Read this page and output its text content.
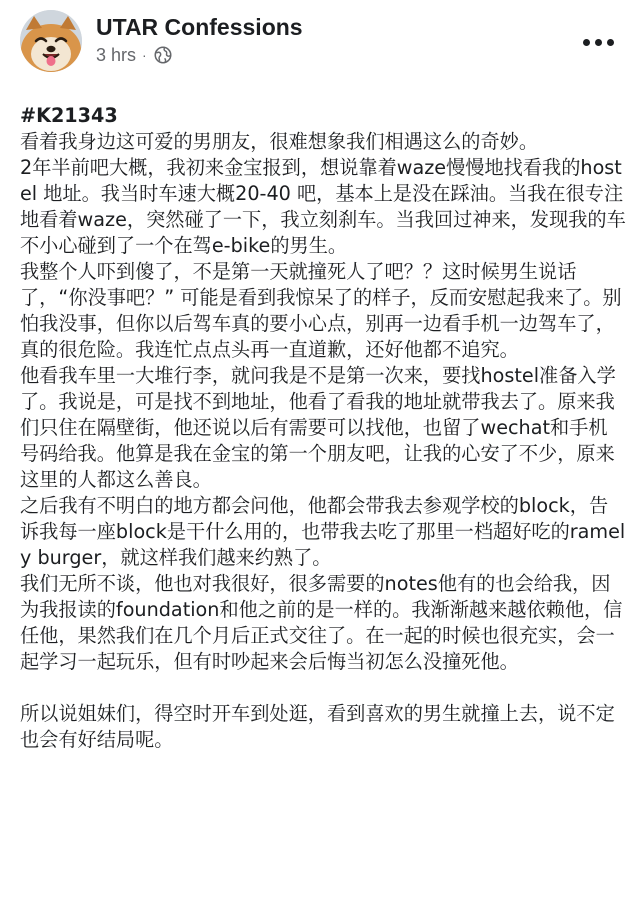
UTAR Confessions
3 hrs ·
#K21343
看着我身边这可爱的男朋友，很难想象我们相遇这么的奇妙。
2年半前吧大概，我初来金宝报到，想说靠着waze慢慢地找看我的hostel 地址。我当时车速大概20-40 吧，基本上是没在踩油。当我在很专注地看着waze，突然碰了一下，我立刻刹车。当我回过神来，发现我的车不小心碰到了一个在驾e-bike的男生。
我整个人吓到傻了，不是第一天就撞死人了吧？？这时候男生说话了，“你没事吧？” 可能是看到我惊呆了的样子，反而安慰起我来了。别怕我没事，但你以后驾车真的要小心点，别再一边看手机一边驾车了，真的很危险。我连忙点点头再一直道歉，还好他都不追究。
他看我车里一大堆行李，就问我是不是第一次来，要找hostel准备入学了。我说是，可是找不到地址，他看了看我的地址就带我去了。原来我们只住在隔壁街，他还说以后有需要可以找他，也留了wechat和手机号码给我。他算是我在金宝的第一个朋友吧，让我的心安了不少，原来这里的人都这么善良。
之后我有不明白的地方都会问他，他都会带我去参观学校的block，告诉我每一座block是干什么用的，也带我去吃了那里一档超好吃的ramely burger，就这样我们越来约熟了。
我们无所不谈，他也对我很好，很多需要的notes他有的也会给我，因为我报读的foundation和他之前的是一样的。我渐渐越来越依赖他，信任他，果然我们在几个月后正式交往了。在一起的时候也很充实，会一起学习一起玩乐，但有时吵起来会后悔当初怎么没撞死他。
所以说姐妹们，得空时开车到处逛，看到喜欢的男生就撞上去，说不定也会有好结局呢。
